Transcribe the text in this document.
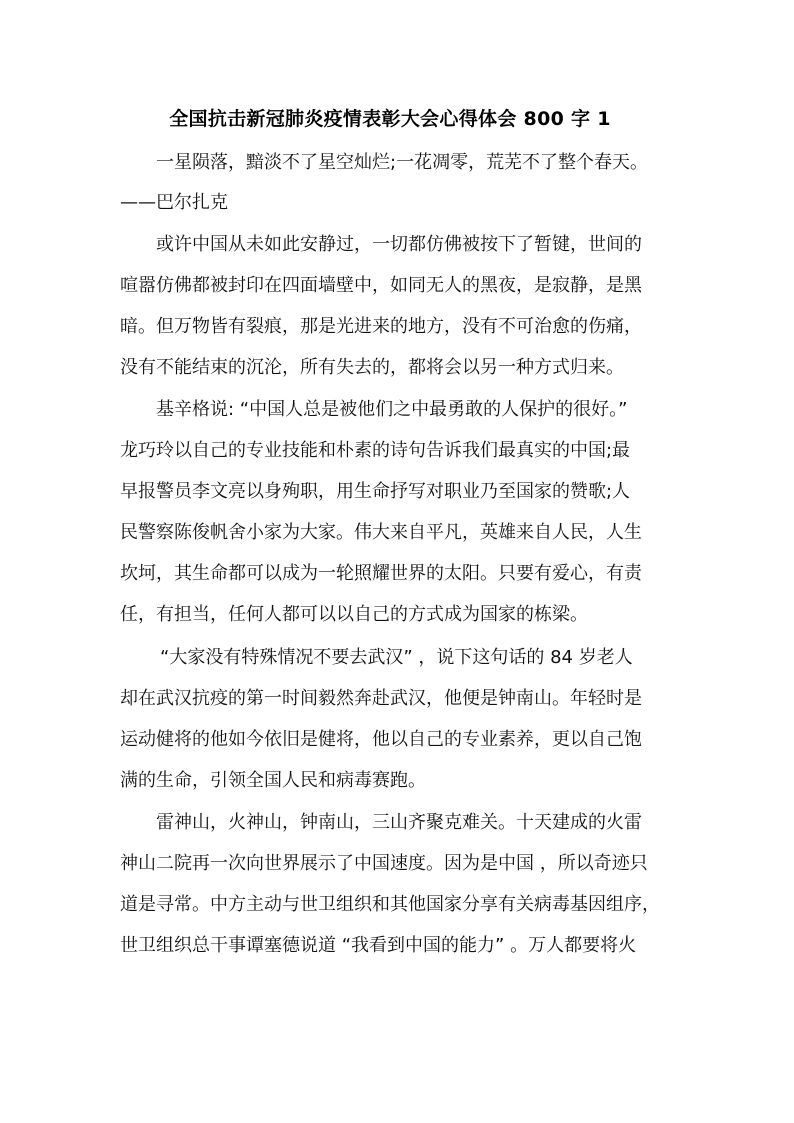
全国抗击新冠肺炎疫情表彰大会心得体会 800 字 1
一星陨落，黯淡不了星空灿烂;一花凋零，荒芜不了整个春天。
——巴尔扎克
或许中国从未如此安静过，一切都仿佛被按下了暂键，世间的
喧嚣仿佛都被封印在四面墙壁中，如同无人的黑夜，是寂静，是黑
暗。但万物皆有裂痕，那是光进来的地方，没有不可治愈的伤痛，
没有不能结束的沉沦，所有失去的，都将会以另一种方式归来。
基辛格说: “中国人总是被他们之中最勇敢的人保护的很好。”
龙巧玲以自己的专业技能和朴素的诗句告诉我们最真实的中国;最
早报警员李文亮以身殉职，用生命抒写对职业乃至国家的赞歌;人
民警察陈俊帆舍小家为大家。伟大来自平凡，英雄来自人民，人生
坎坷，其生命都可以成为一轮照耀世界的太阳。只要有爱心，有责
任，有担当，任何人都可以以自己的方式成为国家的栋梁。
“大家没有特殊情况不要去武汉” ，说下这句话的 84 岁老人
却在武汉抗疫的第一时间毅然奔赴武汉，他便是钟南山。年轻时是
运动健将的他如今依旧是健将，他以自己的专业素养，更以自己饱
满的生命，引领全国人民和病毒赛跑。
雷神山，火神山，钟南山，三山齐聚克难关。十天建成的火雷
神山二院再一次向世界展示了中国速度。因为是中国 ，所以奇迹只
道是寻常。中方主动与世卫组织和其他国家分享有关病毒基因组序，
世卫组织总干事谭塞德说道 “我看到中国的能力” 。万人都要将火
